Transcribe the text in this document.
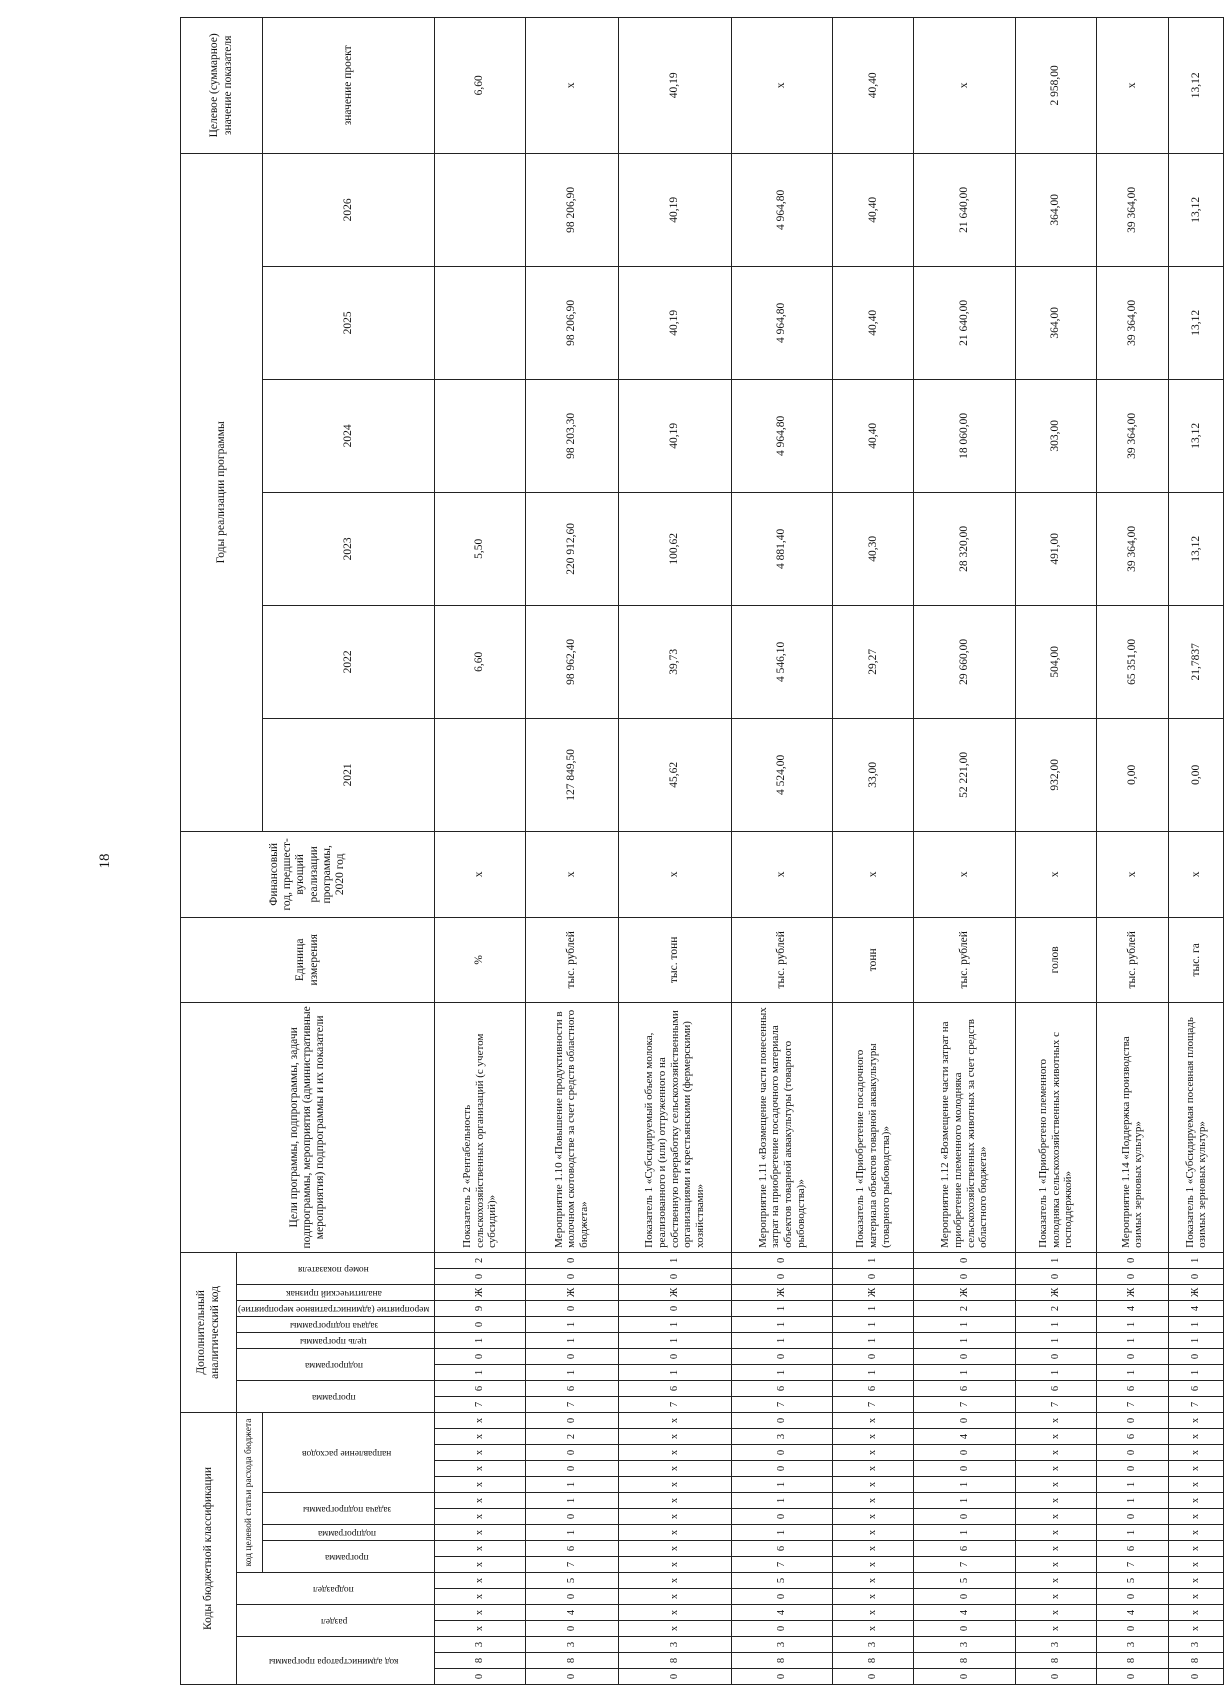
18
Коды бюджетной классификации																	Дополнительный аналитический код										Цели программы, подпрограммы, задачи подпрограммы, мероприятия (административные мероприятия) подпрограммы и их показатели	Единица измерения	Финансовый год, предшест-вующий реализации программы, 2020 год	Годы реализации программы						Целевое (суммарное) значение показателя
код администратора программы			раздел		подраздел		код целевой статьи расхода бюджета										программа		подпрограмма		цель программы	задача подпрограммы	мероприятие (административное мероприятие)	аналитический признак	номер показателя											
							программа		подпрограмма	задача подпрограммы		направление расходов																		2021	2022	2023	2024	2025	2026	значение проект

0	8	3	х	х	х	х	х	х	х	х	х	х	х	х	х	х	7	6	1	0	1	0	9	Ж	0	2	Показатель 2 «Рентабельность сельскохозяйственных организаций (с учетом субсидий)»	%	х		6,60	5,50				6,60
0	8	3	0	4	0	5	7	6	1	0	1	1	0	0	2	0	7	6	1	0	1	1	0	Ж	0	0	Мероприятие 1.10 «Повышение продуктивности в молочном скотоводстве за счет средств областного бюджета»	тыс. рублей	х	127 849,50	98 962,40	220 912,60	98 203,30	98 206,90	98 206,90	х
0	8	3	х	х	х	х	х	х	х	х	х	х	х	х	х	х	7	6	1	0	1	1	0	Ж	0	1	Показатель 1 «Субсидируемый объем молока, реализованного и (или) отгруженного на собственную переработку сельскохозяйственными организациями и крестьянскими (фермерскими) хозяйствами»	тыс. тонн	х	45,62	39,73	100,62	40,19	40,19	40,19	40,19
0	8	3	0	4	0	5	7	6	1	0	1	1	0	0	3	0	7	6	1	0	1	1	1	Ж	0	0	Мероприятие 1.11 «Возмещение части понесенных затрат на приобретение посадочного материала объектов товарной аквакультуры (товарного рыбоводства)»	тыс. рублей	х	4 524,00	4 546,10	4 881,40	4 964,80	4 964,80	4 964,80	х
0	8	3	х	х	х	х	х	х	х	х	х	х	х	х	х	х	7	6	1	0	1	1	1	Ж	0	1	Показатель 1 «Приобретение посадочного материала объектов товарной аквакультуры (товарного рыбоводства)»	тонн	х	33,00	29,27	40,30	40,40	40,40	40,40	40,40
0	8	3	0	4	0	5	7	6	1	0	1	1	0	0	4	0	7	6	1	0	1	1	2	Ж	0	0	Мероприятие 1.12 «Возмещение части затрат на приобретение племенного молодняка сельскохозяйственных животных за счет средств областного бюджета»	тыс. рублей	х	52 221,00	29 660,00	28 320,00	18 060,00	21 640,00	21 640,00	х
0	8	3	х	х	х	х	х	х	х	х	х	х	х	х	х	х	7	6	1	0	1	1	2	Ж	0	1	Показатель 1 «Приобретено племенного молодняка сельскохозяйственных животных с господдержкой»	голов	х	932,00	504,00	491,00	303,00	364,00	364,00	2 958,00
0	8	3	0	4	0	5	7	6	1	0	1	1	0	0	6	0	7	6	1	0	1	1	4	Ж	0	0	Мероприятие 1.14 «Поддержка производства озимых зерновых культур»	тыс. рублей	х	0,00	65 351,00	39 364,00	39 364,00	39 364,00	39 364,00	х
0	8	3	х	х	х	х	х	х	х	х	х	х	х	х	х	х	7	6	1	0	1	1	4	Ж	0	1	Показатель 1 «Субсидируемая посевная площадь озимых зерновых культур»	тыс. га	х	0,00	21,7837	13,12	13,12	13,12	13,12	13,12
